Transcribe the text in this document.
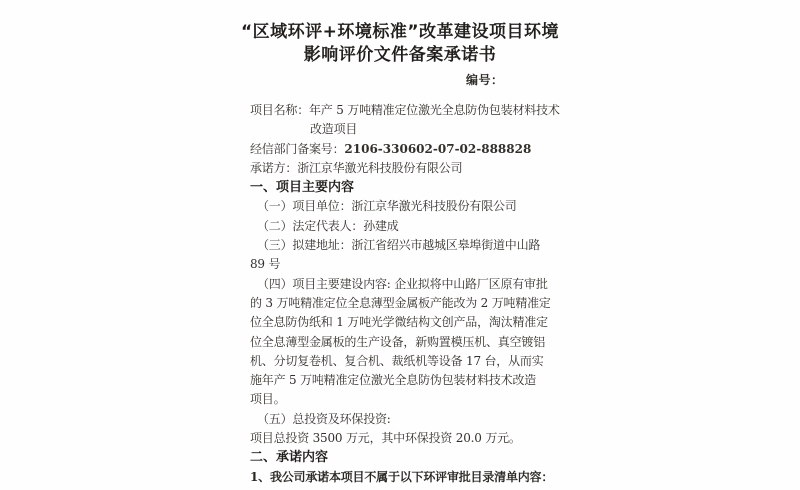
“区域环评+环境标准”改革建设项目环境
影响评价文件备案承诺书
编号：
项目名称：年产 5 万吨精准定位激光全息防伪包装材料技术
改造项目
经信部门备案号：2106-330602-07-02-888828
承诺方：浙江京华激光科技股份有限公司
一、项目主要内容
（一）项目单位：浙江京华激光科技股份有限公司
（二）法定代表人：孙建成
（三）拟建地址：浙江省绍兴市越城区皋埠街道中山路
89 号
（四）项目主要建设内容: 企业拟将中山路厂区原有审批
的 3 万吨精准定位全息薄型金属板产能改为 2 万吨精准定
位全息防伪纸和 1 万吨光学微结构文创产品，淘汰精准定
位全息薄型金属板的生产设备，新购置模压机、真空镀铝
机、分切复卷机、复合机、裁纸机等设备 17 台，从而实
施年产 5 万吨精准定位激光全息防伪包装材料技术改造
项目。
（五）总投资及环保投资:
项目总投资 3500 万元，其中环保投资 20.0 万元。
二、承诺内容
1、我公司承诺本项目不属于以下环评审批目录清单内容：
